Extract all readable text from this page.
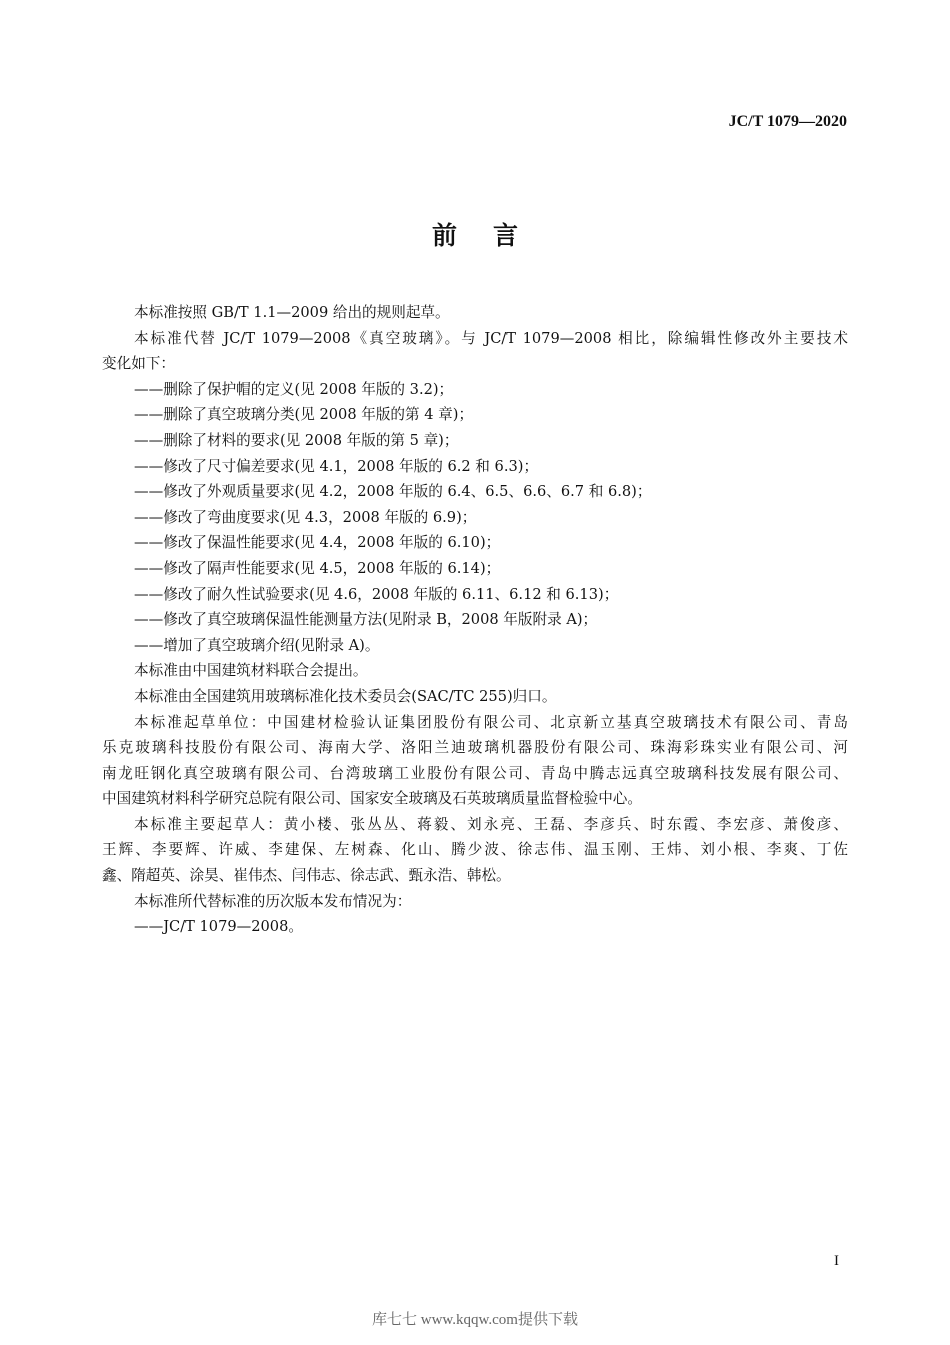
JC/T 1079—2020
前言
本标准按照 GB/T 1.1—2009 给出的规则起草。
本标准代替 JC/T 1079—2008《真空玻璃》。与 JC/T 1079—2008 相比，除编辑性修改外主要技术
变化如下：
——删除了保护帽的定义(见 2008 年版的 3.2)；
——删除了真空玻璃分类(见 2008 年版的第 4 章)；
——删除了材料的要求(见 2008 年版的第 5 章)；
——修改了尺寸偏差要求(见 4.1，2008 年版的 6.2 和 6.3)；
——修改了外观质量要求(见 4.2，2008 年版的 6.4、6.5、6.6、6.7 和 6.8)；
——修改了弯曲度要求(见 4.3，2008 年版的 6.9)；
——修改了保温性能要求(见 4.4，2008 年版的 6.10)；
——修改了隔声性能要求(见 4.5，2008 年版的 6.14)；
——修改了耐久性试验要求(见 4.6，2008 年版的 6.11、6.12 和 6.13)；
——修改了真空玻璃保温性能测量方法(见附录 B，2008 年版附录 A)；
——增加了真空玻璃介绍(见附录 A)。
本标准由中国建筑材料联合会提出。
本标准由全国建筑用玻璃标准化技术委员会(SAC/TC 255)归口。
本标准起草单位：中国建材检验认证集团股份有限公司、北京新立基真空玻璃技术有限公司、青岛
乐克玻璃科技股份有限公司、海南大学、洛阳兰迪玻璃机器股份有限公司、珠海彩珠实业有限公司、河
南龙旺钢化真空玻璃有限公司、台湾玻璃工业股份有限公司、青岛中腾志远真空玻璃科技发展有限公司、
中国建筑材料科学研究总院有限公司、国家安全玻璃及石英玻璃质量监督检验中心。
本标准主要起草人：黄小楼、张丛丛、蒋毅、刘永亮、王磊、李彦兵、时东霞、李宏彦、萧俊彦、
王辉、李要辉、许威、李建保、左树森、化山、腾少波、徐志伟、温玉刚、王炜、刘小根、李爽、丁佐
鑫、隋超英、涂昊、崔伟杰、闫伟志、徐志武、甄永浩、韩松。
本标准所代替标准的历次版本发布情况为：
——JC/T 1079—2008。
I
库七七 www.kqqw.com提供下载
